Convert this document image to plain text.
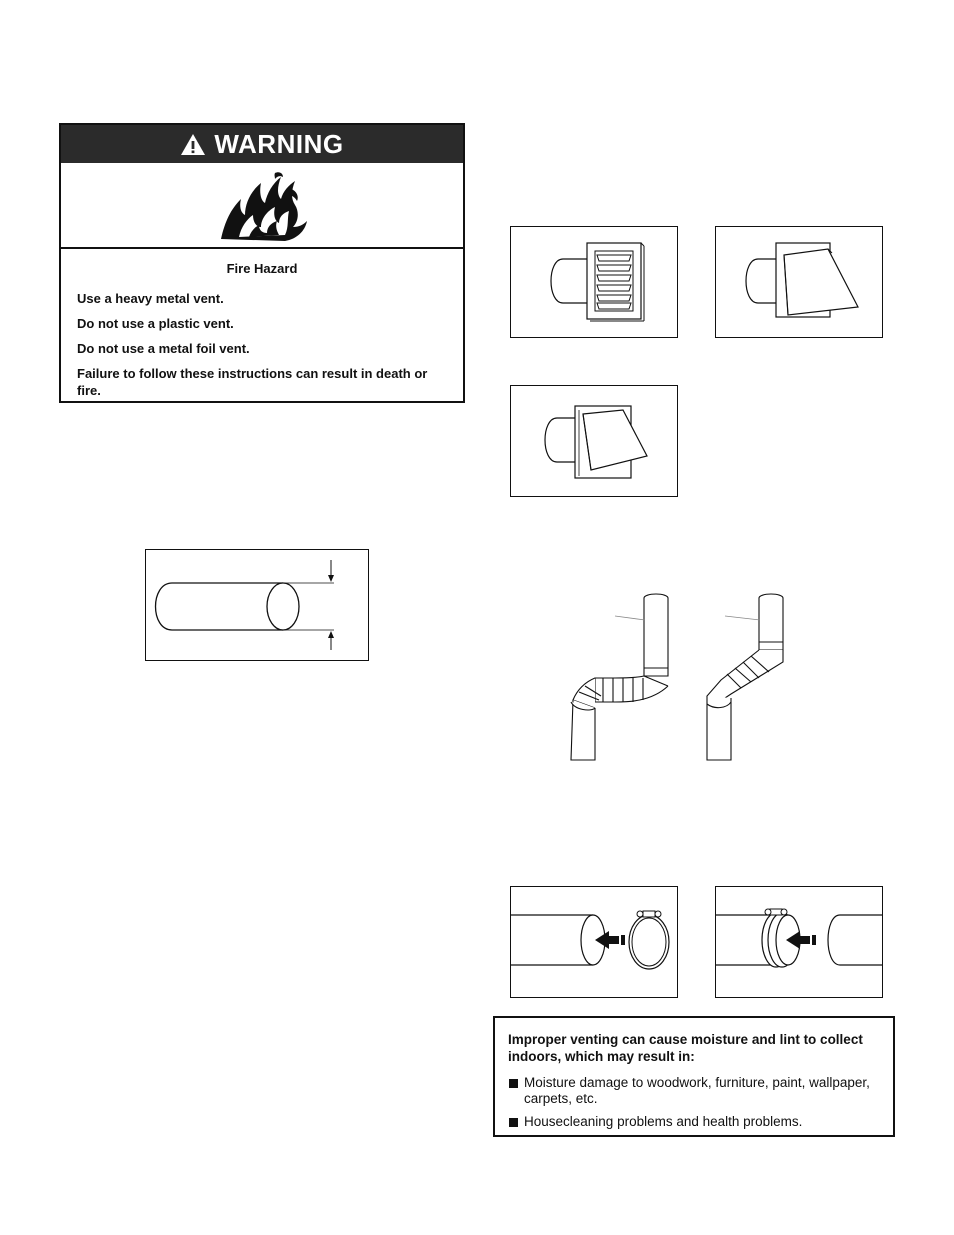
WARNING
Fire Hazard

Use a heavy metal vent.

Do not use a plastic vent.

Do not use a metal foil vent.

Failure to follow these instructions can result in death or fire.

Improper venting can cause moisture and lint to collect indoors, which may result in:
Moisture damage to woodwork, furniture, paint, wallpaper, carpets, etc.
Housecleaning problems and health problems.
